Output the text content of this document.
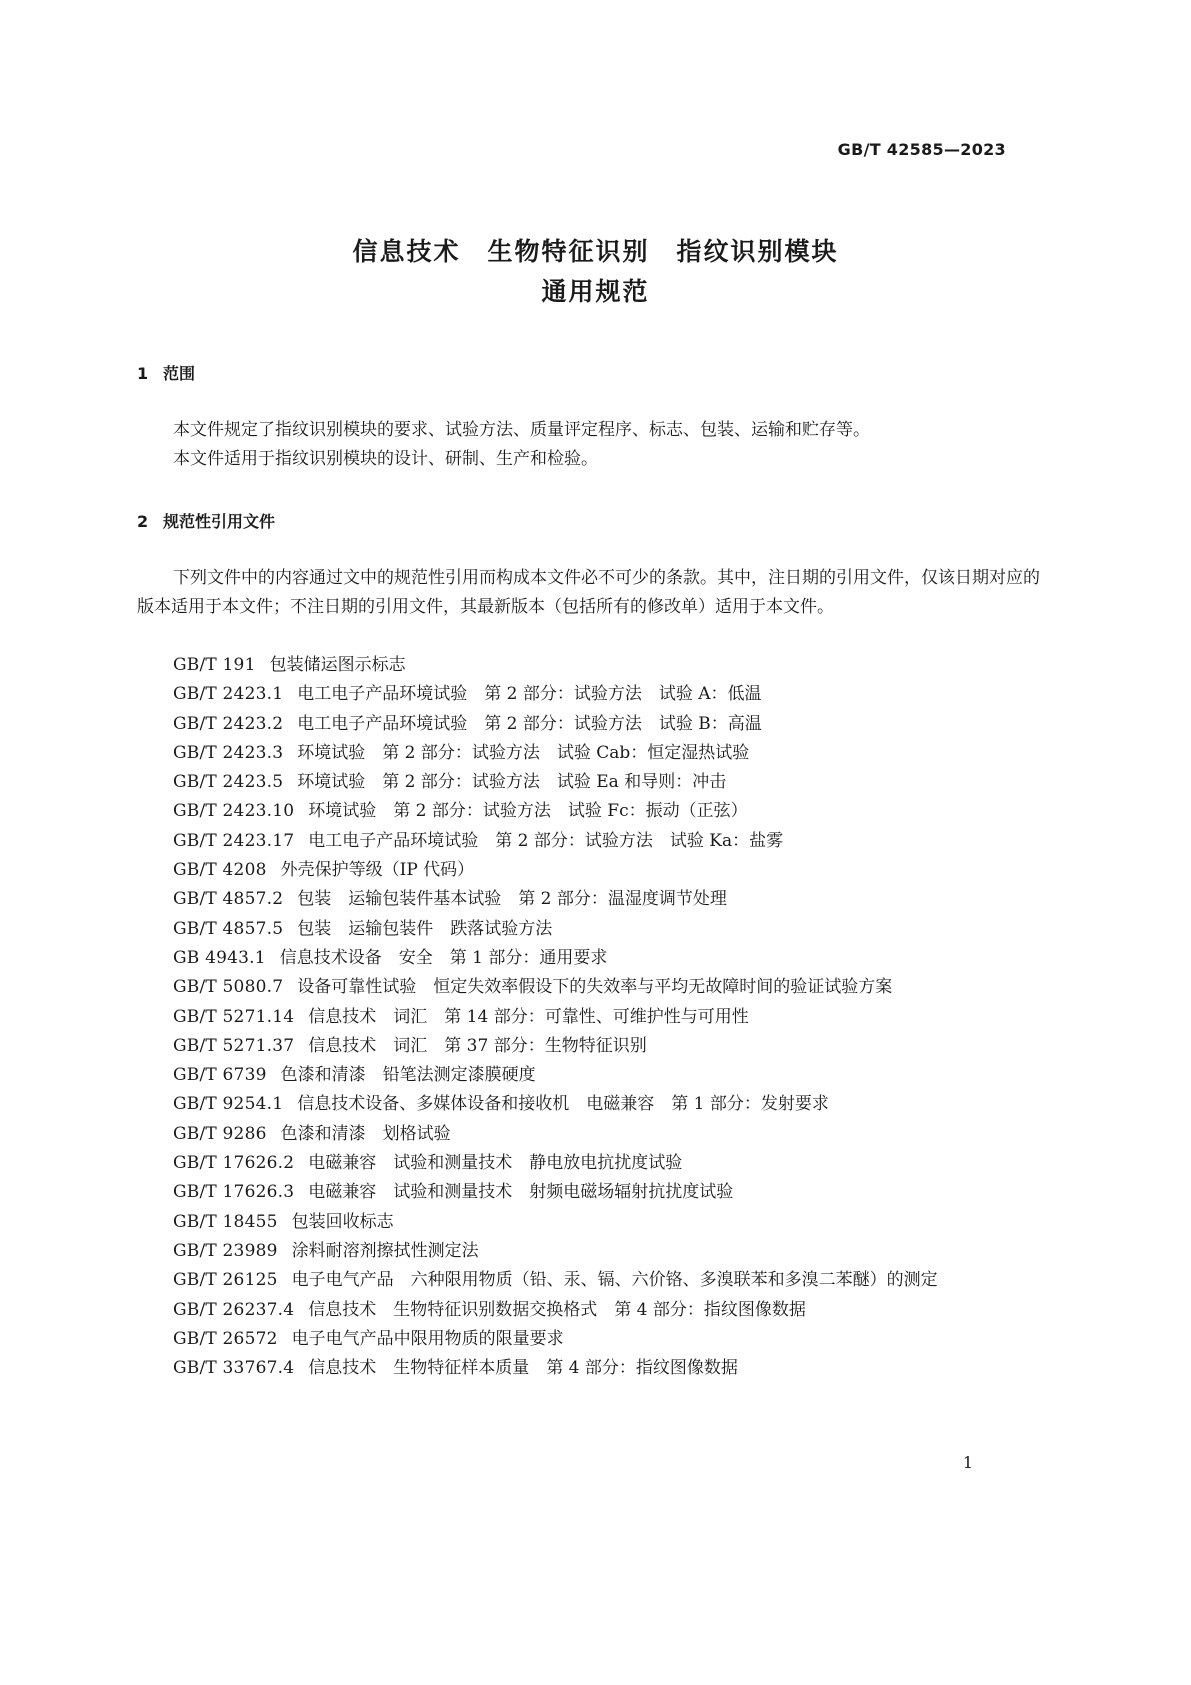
GB/T 42585—2023
信息技术　生物特征识别　指纹识别模块
通用规范
1 范围
本文件规定了指纹识别模块的要求、试验方法、质量评定程序、标志、包装、运输和贮存等。
本文件适用于指纹识别模块的设计、研制、生产和检验。
2 规范性引用文件
下列文件中的内容通过文中的规范性引用而构成本文件必不可少的条款。其中，注日期的引用文件，仅该日期对应的版本适用于本文件；不注日期的引用文件，其最新版本（包括所有的修改单）适用于本文件。
GB/T 191 包装储运图示标志
GB/T 2423.1 电工电子产品环境试验　第 2 部分：试验方法　试验 A：低温
GB/T 2423.2 电工电子产品环境试验　第 2 部分：试验方法　试验 B：高温
GB/T 2423.3 环境试验　第 2 部分：试验方法　试验 Cab：恒定湿热试验
GB/T 2423.5 环境试验　第 2 部分：试验方法　试验 Ea 和导则：冲击
GB/T 2423.10 环境试验　第 2 部分：试验方法　试验 Fc：振动（正弦）
GB/T 2423.17 电工电子产品环境试验　第 2 部分：试验方法　试验 Ka：盐雾
GB/T 4208 外壳保护等级（IP 代码）
GB/T 4857.2 包装　运输包装件基本试验　第 2 部分：温湿度调节处理
GB/T 4857.5 包装　运输包装件　跌落试验方法
GB 4943.1 信息技术设备　安全　第 1 部分：通用要求
GB/T 5080.7 设备可靠性试验　恒定失效率假设下的失效率与平均无故障时间的验证试验方案
GB/T 5271.14 信息技术　词汇　第 14 部分：可靠性、可维护性与可用性
GB/T 5271.37 信息技术　词汇　第 37 部分：生物特征识别
GB/T 6739 色漆和清漆　铅笔法测定漆膜硬度
GB/T 9254.1 信息技术设备、多媒体设备和接收机　电磁兼容　第 1 部分：发射要求
GB/T 9286 色漆和清漆　划格试验
GB/T 17626.2 电磁兼容　试验和测量技术　静电放电抗扰度试验
GB/T 17626.3 电磁兼容　试验和测量技术　射频电磁场辐射抗扰度试验
GB/T 18455 包装回收标志
GB/T 23989 涂料耐溶剂擦拭性测定法
GB/T 26125 电子电气产品　六种限用物质（铅、汞、镉、六价铬、多溴联苯和多溴二苯醚）的测定
GB/T 26237.4 信息技术　生物特征识别数据交换格式　第 4 部分：指纹图像数据
GB/T 26572 电子电气产品中限用物质的限量要求
GB/T 33767.4 信息技术　生物特征样本质量　第 4 部分：指纹图像数据
1
